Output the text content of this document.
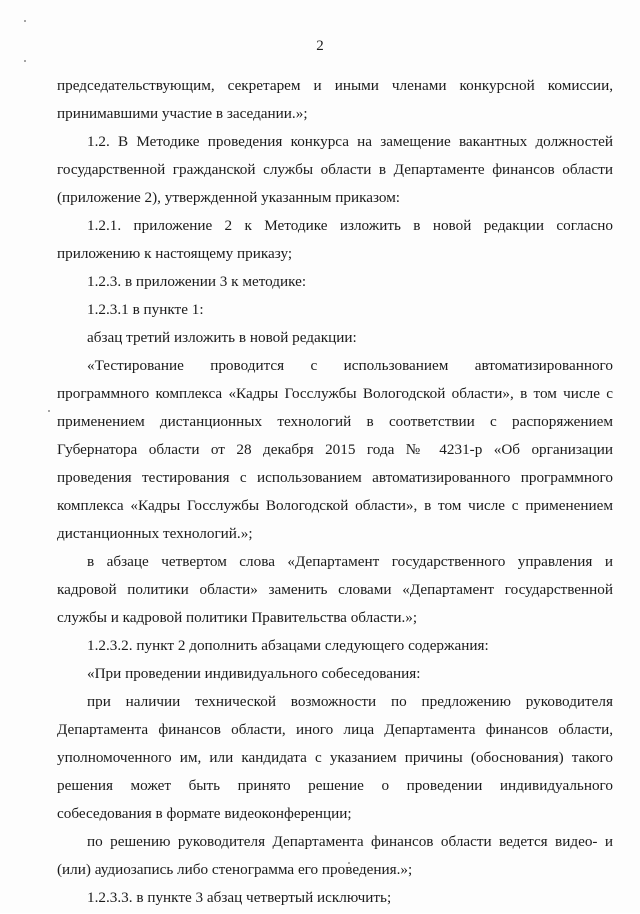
2
председательствующим, секретарем и иными членами конкурсной комиссии,
принимавшими участие в заседании.»;
1.2. В Методике проведения конкурса на замещение вакантных должностей
государственной гражданской службы области в Департаменте финансов области
(приложение 2), утвержденной указанным приказом:
1.2.1. приложение 2 к Методике изложить в новой редакции согласно
приложению к настоящему приказу;
1.2.3. в приложении 3 к методике:
1.2.3.1 в пункте 1:
абзац третий изложить в новой редакции:
«Тестирование проводится с использованием автоматизированного
программного комплекса «Кадры Госслужбы Вологодской области», в том числе с
применением дистанционных технологий в соответствии с распоряжением
Губернатора области от 28 декабря 2015 года № 4231-р «Об организации
проведения тестирования с использованием автоматизированного программного
комплекса «Кадры Госслужбы Вологодской области», в том числе с применением
дистанционных технологий.»;
в абзаце четвертом слова «Департамент государственного управления и
кадровой политики области» заменить словами «Департамент государственной
службы и кадровой политики Правительства области.»;
1.2.3.2. пункт 2 дополнить абзацами следующего содержания:
«При проведении индивидуального собеседования:
при наличии технической возможности по предложению руководителя
Департамента финансов области, иного лица Департамента финансов области,
уполномоченного им, или кандидата с указанием причины (обоснования) такого
решения может быть принято решение о проведении индивидуального
собеседования в формате видеоконференции;
по решению руководителя Департамента финансов области ведется видео- и
(или) аудиозапись либо стенограмма его проведения.»;
1.2.3.3. в пункте 3 абзац четвертый исключить;
